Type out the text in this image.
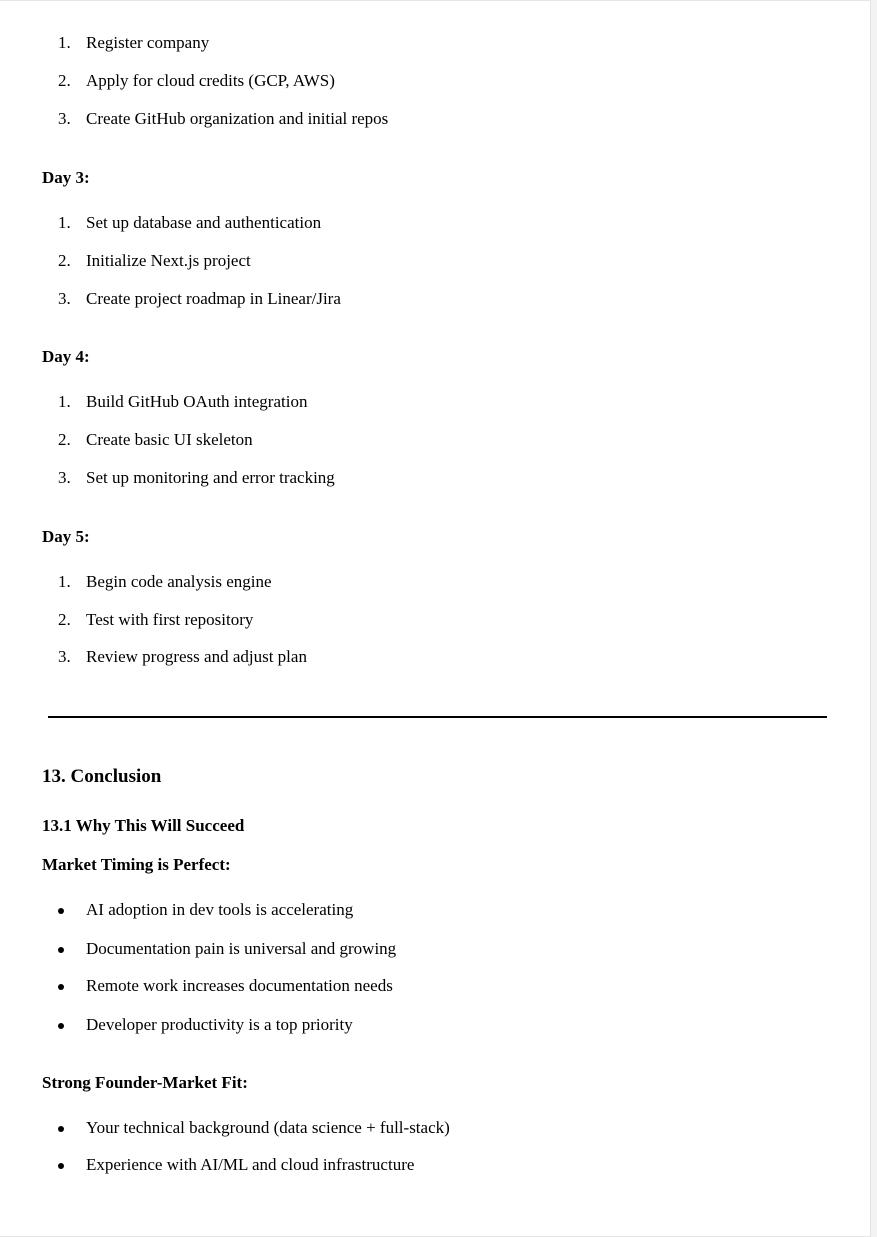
1. Register company
2. Apply for cloud credits (GCP, AWS)
3. Create GitHub organization and initial repos
Day 3:
1. Set up database and authentication
2. Initialize Next.js project
3. Create project roadmap in Linear/Jira
Day 4:
1. Build GitHub OAuth integration
2. Create basic UI skeleton
3. Set up monitoring and error tracking
Day 5:
1. Begin code analysis engine
2. Test with first repository
3. Review progress and adjust plan
13. Conclusion
13.1 Why This Will Succeed
Market Timing is Perfect:
AI adoption in dev tools is accelerating
Documentation pain is universal and growing
Remote work increases documentation needs
Developer productivity is a top priority
Strong Founder-Market Fit:
Your technical background (data science + full-stack)
Experience with AI/ML and cloud infrastructure
